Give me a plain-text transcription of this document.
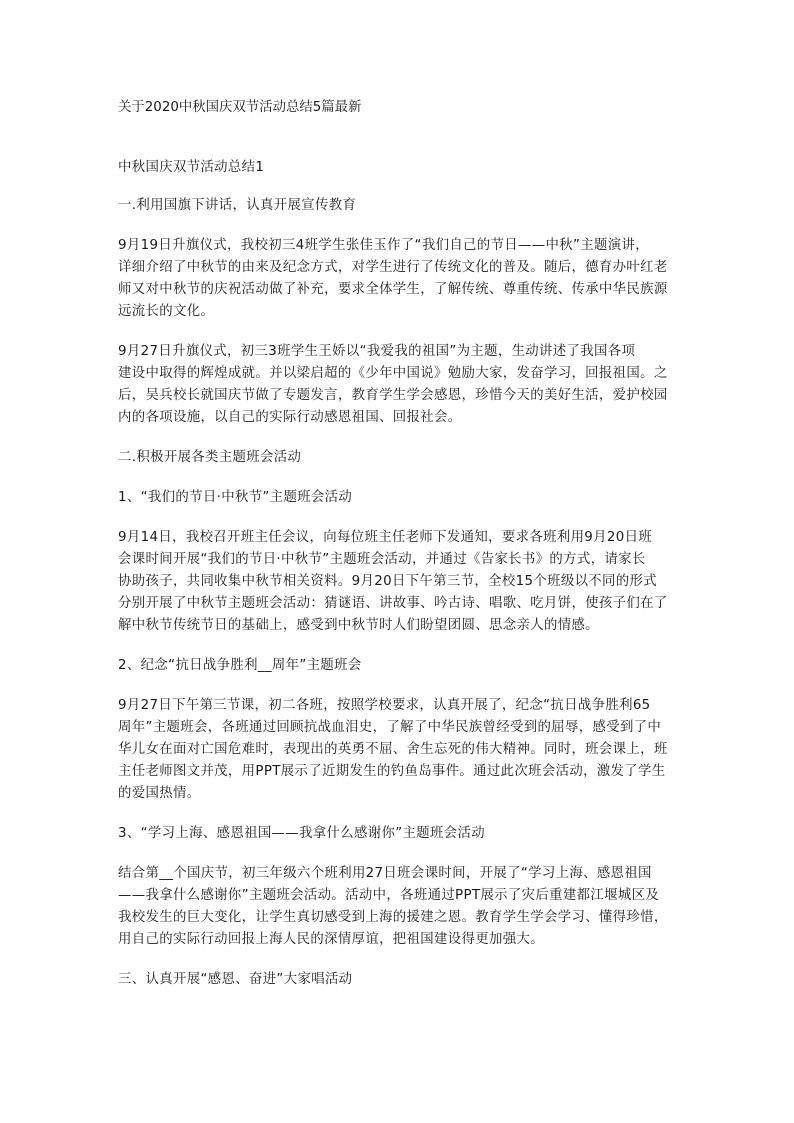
关于2020中秋国庆双节活动总结5篇最新
中秋国庆双节活动总结1
一.利用国旗下讲话，认真开展宣传教育
9月19日升旗仪式，我校初三4班学生张佳玉作了“我们自己的节日——中秋”主题演讲，
详细介绍了中秋节的由来及纪念方式，对学生进行了传统文化的普及。随后，德育办叶红老
师又对中秋节的庆祝活动做了补充，要求全体学生，了解传统、尊重传统、传承中华民族源
远流长的文化。
9月27日升旗仪式，初三3班学生王娇以“我爱我的祖国”为主题，生动讲述了我国各项
建设中取得的辉煌成就。并以梁启超的《少年中国说》勉励大家，发奋学习，回报祖国。之
后，吴兵校长就国庆节做了专题发言，教育学生学会感恩，珍惜今天的美好生活，爱护校园
内的各项设施，以自己的实际行动感恩祖国、回报社会。
二.积极开展各类主题班会活动
1、“我们的节日·中秋节”主题班会活动
9月14日，我校召开班主任会议，向每位班主任老师下发通知，要求各班利用9月20日班
会课时间开展“我们的节日·中秋节”主题班会活动，并通过《告家长书》的方式，请家长
协助孩子，共同收集中秋节相关资料。9月20日下午第三节，全校15个班级以不同的形式
分别开展了中秋节主题班会活动：猜谜语、讲故事、吟古诗、唱歌、吃月饼，使孩子们在了
解中秋节传统节日的基础上，感受到中秋节时人们盼望团圆、思念亲人的情感。
2、纪念“抗日战争胜利__周年”主题班会
9月27日下午第三节课，初二各班，按照学校要求，认真开展了，纪念“抗日战争胜利65
周年”主题班会，各班通过回顾抗战血泪史，了解了中华民族曾经受到的屈辱，感受到了中
华儿女在面对亡国危难时，表现出的英勇不屈、舍生忘死的伟大精神。同时，班会课上，班
主任老师图文并茂，用PPT展示了近期发生的钓鱼岛事件。通过此次班会活动，激发了学生
的爱国热情。
3、“学习上海、感恩祖国——我拿什么感谢你”主题班会活动
结合第__个国庆节，初三年级六个班利用27日班会课时间，开展了“学习上海、感恩祖国
——我拿什么感谢你”主题班会活动。活动中，各班通过PPT展示了灾后重建都江堰城区及
我校发生的巨大变化，让学生真切感受到上海的援建之恩。教育学生学会学习、懂得珍惜，
用自己的实际行动回报上海人民的深情厚谊，把祖国建设得更加强大。
三、认真开展“感恩、奋进”大家唱活动
